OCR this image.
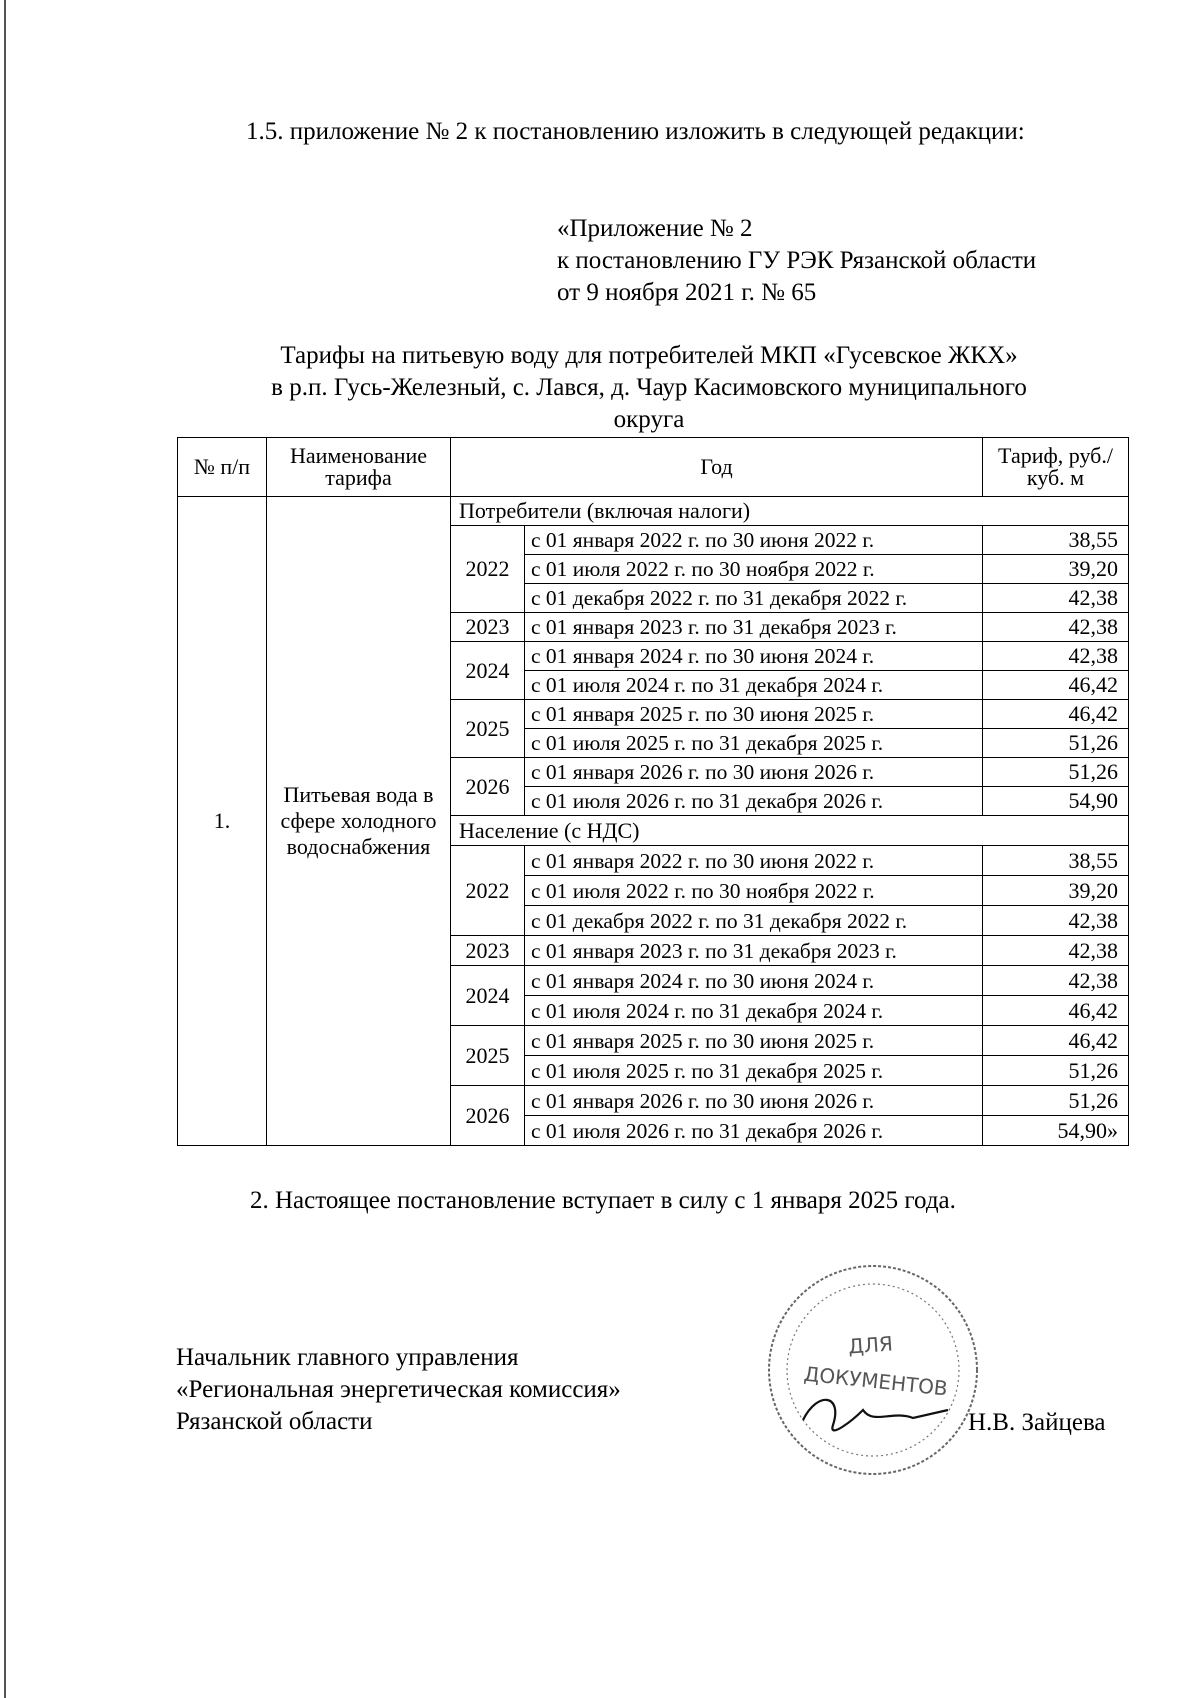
1.5. приложение № 2 к постановлению изложить в следующей редакции:
«Приложение № 2
к постановлению ГУ РЭК Рязанской области
от 9 ноября 2021 г. № 65
Тарифы на питьевую воду для потребителей МКП «Гусевское ЖКХ»
в р.п. Гусь-Железный, с. Лався, д. Чаур Касимовского муниципального
округа
№ п/п	Наименование тарифа	Год		Тариф, руб./куб. м
1.	Питьевая вода в сфере холодного водоснабжения	Потребители (включая налоги)		
		2022	с 01 января 2022 г. по 30 июня 2022 г.	38,55
			с 01 июля 2022 г. по 30 ноября 2022 г.	39,20
			с 01 декабря 2022 г. по 31 декабря 2022 г.	42,38
		2023	с 01 января 2023 г. по 31 декабря 2023 г.	42,38
		2024	с 01 января 2024 г. по 30 июня 2024 г.	42,38
			с 01 июля 2024 г. по 31 декабря 2024 г.	46,42
		2025	с 01 января 2025 г. по 30 июня 2025 г.	46,42
			с 01 июля 2025 г. по 31 декабря 2025 г.	51,26
		2026	с 01 января 2026 г. по 30 июня 2026 г.	51,26
			с 01 июля 2026 г. по 31 декабря 2026 г.	54,90
		Население (с НДС)		
		2022	с 01 января 2022 г. по 30 июня 2022 г.	38,55
			с 01 июля 2022 г. по 30 ноября 2022 г.	39,20
			с 01 декабря 2022 г. по 31 декабря 2022 г.	42,38
		2023	с 01 января 2023 г. по 31 декабря 2023 г.	42,38
		2024	с 01 января 2024 г. по 30 июня 2024 г.	42,38
			с 01 июля 2024 г. по 31 декабря 2024 г.	46,42
		2025	с 01 января 2025 г. по 30 июня 2025 г.	46,42
			с 01 июля 2025 г. по 31 декабря 2025 г.	51,26
		2026	с 01 января 2026 г. по 30 июня 2026 г.	51,26
			с 01 июля 2026 г. по 31 декабря 2026 г.	54,90»
2. Настоящее постановление вступает в силу с 1 января 2025 года.
Начальник главного управления
«Региональная энергетическая комиссия»
Рязанской области	Н.В. Зайцева
ДЛЯ
ДОКУМЕНТОВ
